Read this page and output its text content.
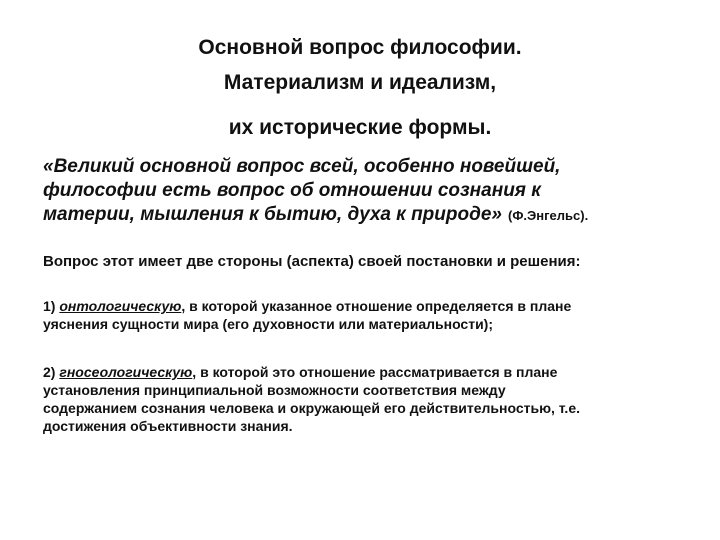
Основной вопрос философии.
Материализм и идеализм,
их исторические формы.
«Великий основной вопрос всей, особенно новейшей,
философии есть вопрос об отношении сознания к
материи, мышления к бытию, духа к природе» (Ф.Энгельс).
Вопрос этот имеет две стороны (аспекта) своей постановки и решения:
1) онтологическую, в которой указанное отношение определяется в плане
уяснения сущности мира (его духовности или материальности);
2) гносеологическую, в которой это отношение рассматривается в плане
установления принципиальной возможности соответствия между
содержанием сознания человека и окружающей его действительностью, т.е.
достижения объективности знания.
